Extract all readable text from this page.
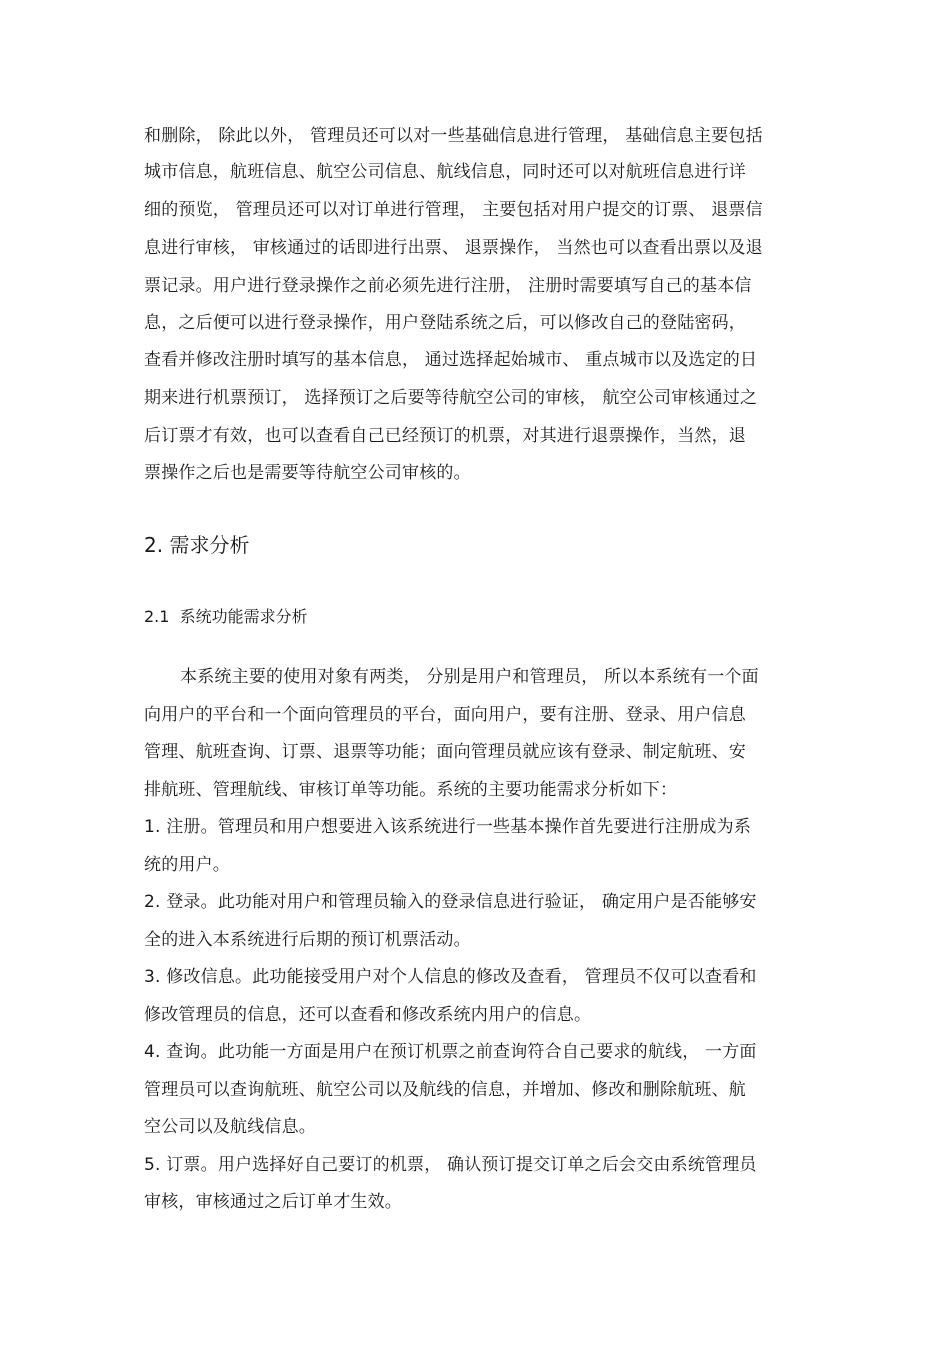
和删除， 除此以外， 管理员还可以对一些基础信息进行管理， 基础信息主要包括
城市信息，航班信息、航空公司信息、航线信息，同时还可以对航班信息进行详
细的预览， 管理员还可以对订单进行管理， 主要包括对用户提交的订票、 退票信
息进行审核， 审核通过的话即进行出票、 退票操作， 当然也可以查看出票以及退
票记录。用户进行登录操作之前必须先进行注册， 注册时需要填写自己的基本信
息，之后便可以进行登录操作，用户登陆系统之后，可以修改自己的登陆密码，
查看并修改注册时填写的基本信息， 通过选择起始城市、 重点城市以及选定的日
期来进行机票预订， 选择预订之后要等待航空公司的审核， 航空公司审核通过之
后订票才有效，也可以查看自己已经预订的机票，对其进行退票操作，当然，退
票操作之后也是需要等待航空公司审核的。
2. 需求分析
2.1  系统功能需求分析
本系统主要的使用对象有两类， 分别是用户和管理员， 所以本系统有一个面
向用户的平台和一个面向管理员的平台，面向用户，要有注册、登录、用户信息
管理、航班查询、订票、退票等功能；面向管理员就应该有登录、制定航班、安
排航班、管理航线、审核订单等功能。系统的主要功能需求分析如下：
1. 注册。管理员和用户想要进入该系统进行一些基本操作首先要进行注册成为系
统的用户。
2. 登录。此功能对用户和管理员输入的登录信息进行验证， 确定用户是否能够安
全的进入本系统进行后期的预订机票活动。
3. 修改信息。此功能接受用户对个人信息的修改及查看， 管理员不仅可以查看和
修改管理员的信息，还可以查看和修改系统内用户的信息。
4. 查询。此功能一方面是用户在预订机票之前查询符合自己要求的航线， 一方面
管理员可以查询航班、航空公司以及航线的信息，并增加、修改和删除航班、航
空公司以及航线信息。
5. 订票。用户选择好自己要订的机票， 确认预订提交订单之后会交由系统管理员
审核，审核通过之后订单才生效。
